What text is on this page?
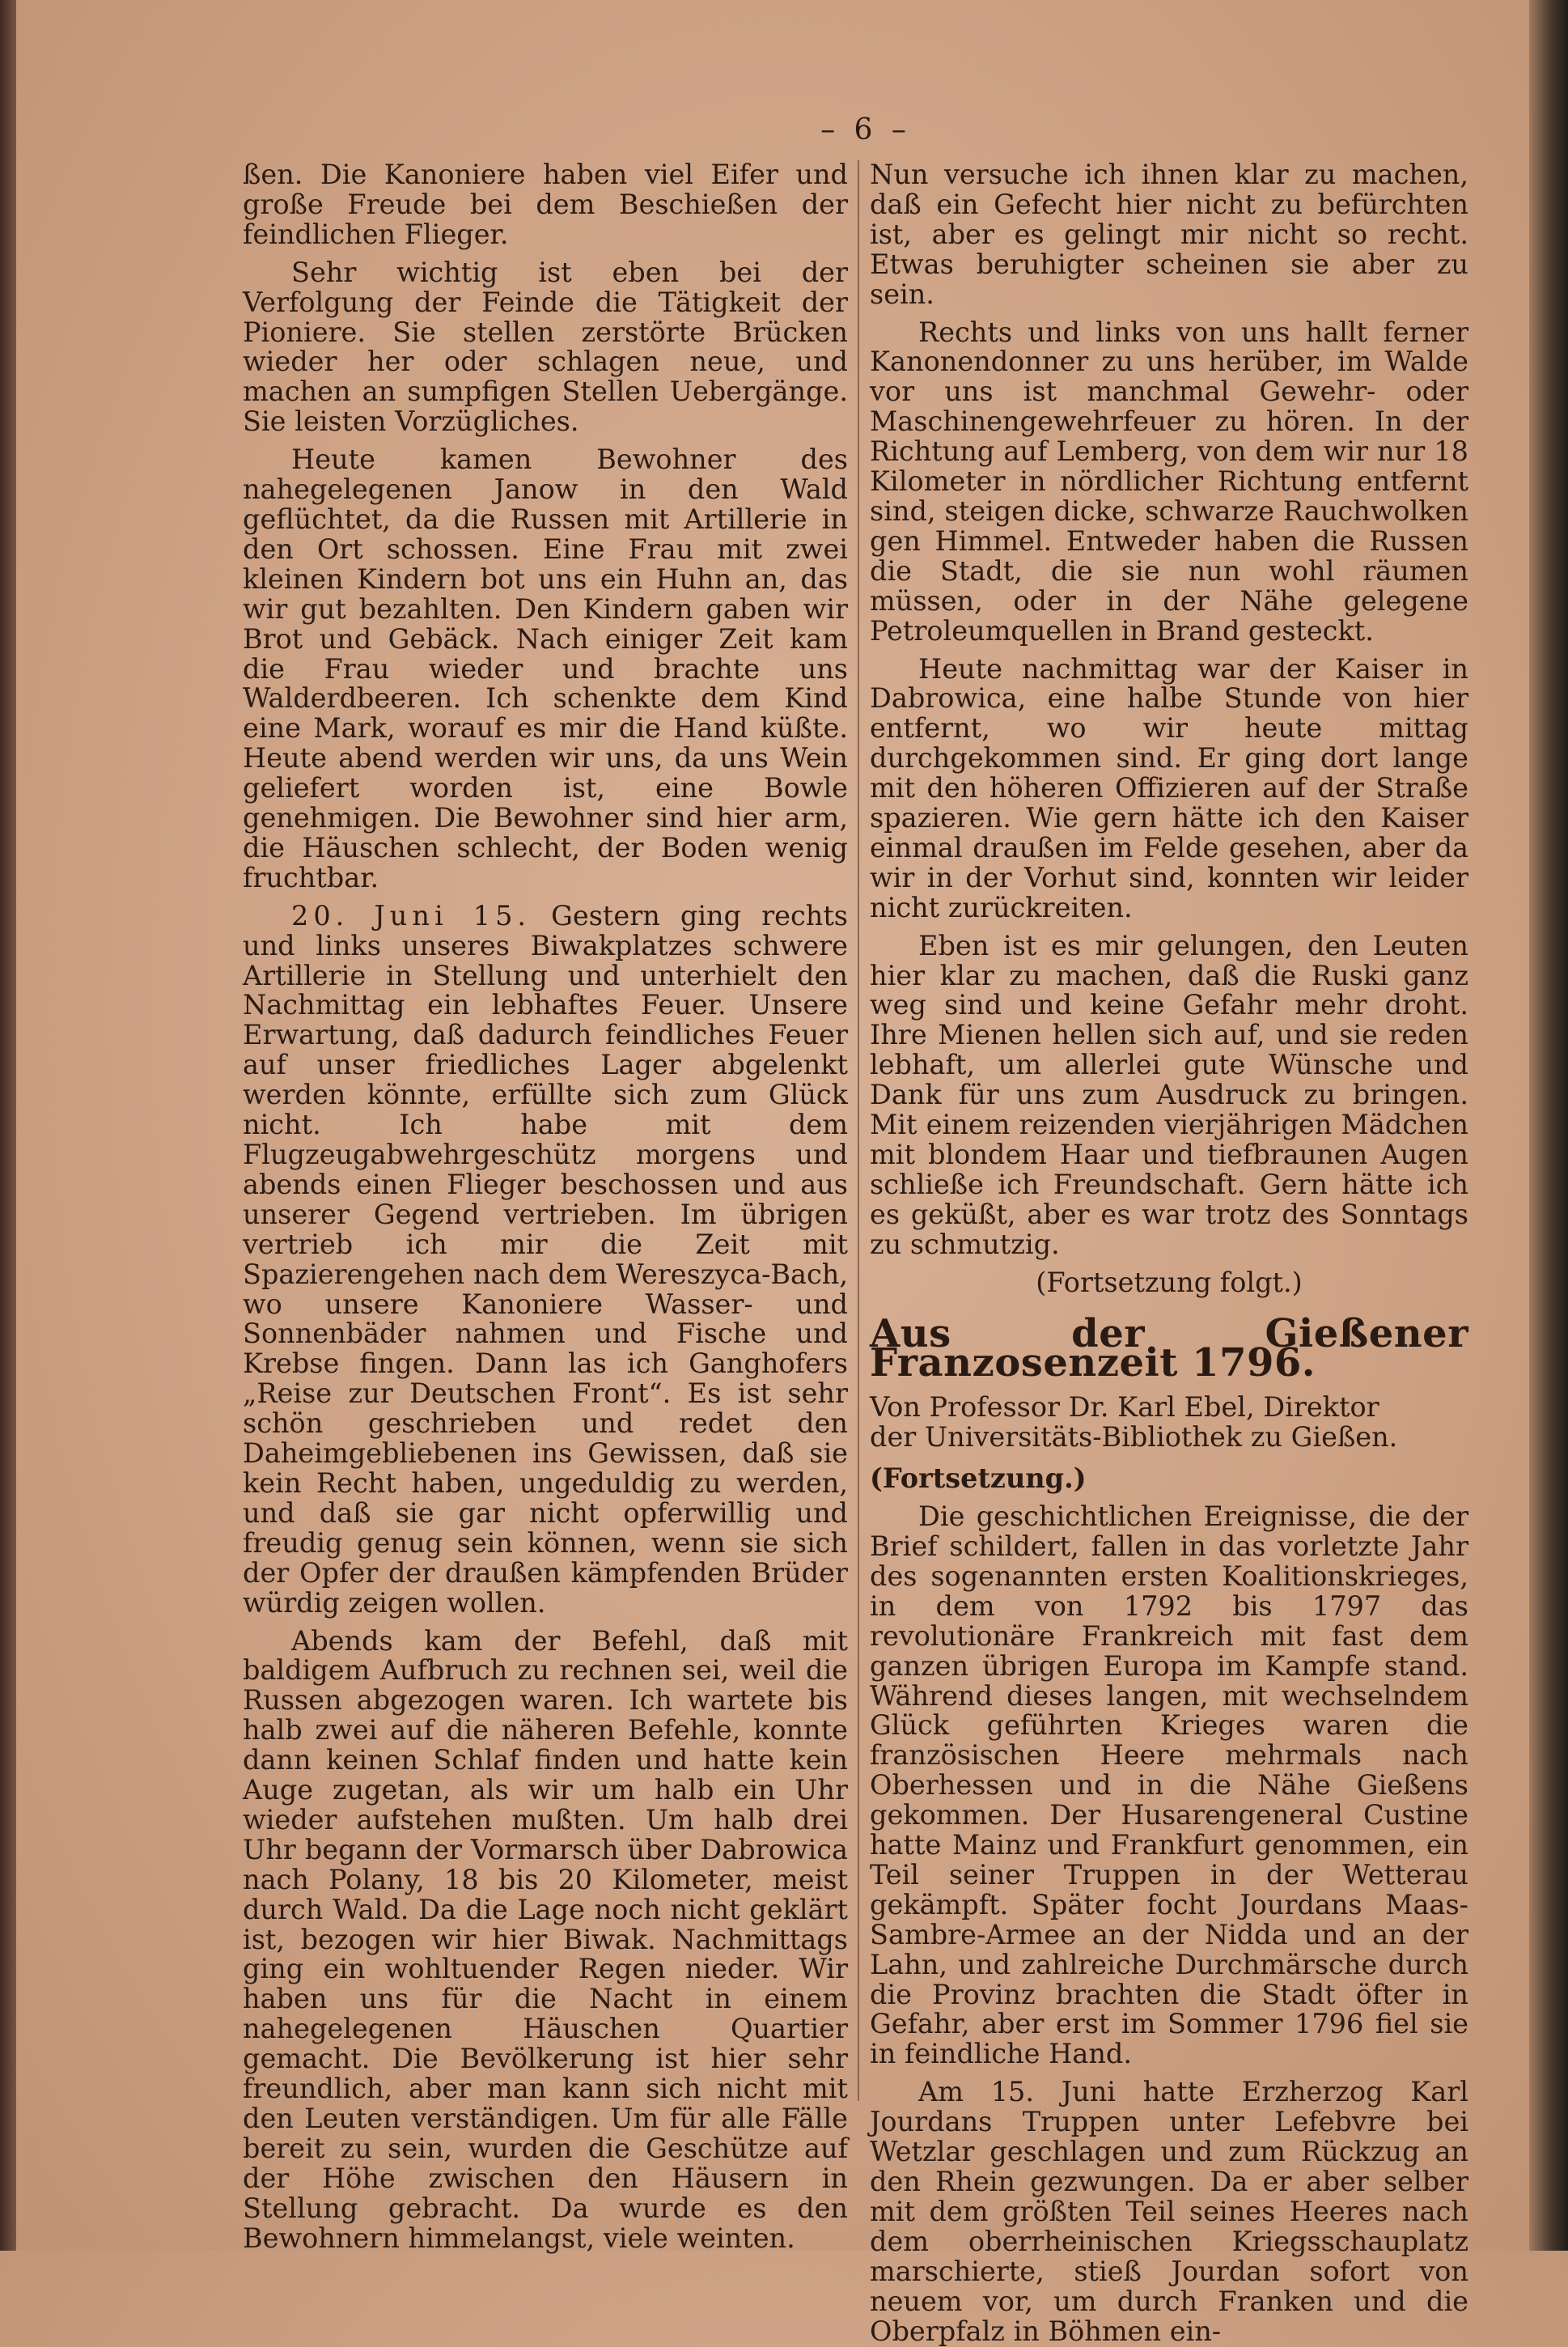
– 6 –

ßen. Die Kanoniere haben viel Eifer und große Freude bei dem Beschießen der feindlichen Flieger.

Sehr wichtig ist eben bei der Verfolgung der Feinde die Tätigkeit der Pioniere. Sie stellen zerstörte Brücken wieder her oder schlagen neue, und machen an sumpfigen Stellen Uebergänge. Sie leisten Vorzügliches.

Heute kamen Bewohner des nahegelegenen Janow in den Wald geflüchtet, da die Russen mit Artillerie in den Ort schossen. Eine Frau mit zwei kleinen Kindern bot uns ein Huhn an, das wir gut bezahlten. Den Kindern gaben wir Brot und Gebäck. Nach einiger Zeit kam die Frau wieder und brachte uns Walderdbeeren. Ich schenkte dem Kind eine Mark, worauf es mir die Hand küßte. Heute abend werden wir uns, da uns Wein geliefert worden ist, eine Bowle genehmigen. Die Bewohner sind hier arm, die Häuschen schlecht, der Boden wenig fruchtbar.

20. Juni 15. Gestern ging rechts und links unseres Biwakplatzes schwere Artillerie in Stellung und unterhielt den Nachmittag ein lebhaftes Feuer. Unsere Erwartung, daß dadurch feindliches Feuer auf unser friedliches Lager abgelenkt werden könnte, erfüllte sich zum Glück nicht. Ich habe mit dem Flugzeugabwehrgeschütz morgens und abends einen Flieger beschossen und aus unserer Gegend vertrieben. Im übrigen vertrieb ich mir die Zeit mit Spazierengehen nach dem Wereszyca-Bach, wo unsere Kanoniere Wasser- und Sonnenbäder nahmen und Fische und Krebse fingen. Dann las ich Ganghofers „Reise zur Deutschen Front“. Es ist sehr schön geschrieben und redet den Daheimgebliebenen ins Gewissen, daß sie kein Recht haben, ungeduldig zu werden, und daß sie gar nicht opferwillig und freudig genug sein können, wenn sie sich der Opfer der draußen kämpfenden Brüder würdig zeigen wollen.

Abends kam der Befehl, daß mit baldigem Aufbruch zu rechnen sei, weil die Russen abgezogen waren. Ich wartete bis halb zwei auf die näheren Befehle, konnte dann keinen Schlaf finden und hatte kein Auge zugetan, als wir um halb ein Uhr wieder aufstehen mußten. Um halb drei Uhr begann der Vormarsch über Dabrowica nach Polany, 18 bis 20 Kilometer, meist durch Wald. Da die Lage noch nicht geklärt ist, bezogen wir hier Biwak. Nachmittags ging ein wohltuender Regen nieder. Wir haben uns für die Nacht in einem nahegelegenen Häuschen Quartier gemacht. Die Bevölkerung ist hier sehr freundlich, aber man kann sich nicht mit den Leuten verständigen. Um für alle Fälle bereit zu sein, wurden die Geschütze auf der Höhe zwischen den Häusern in Stellung gebracht. Da wurde es den Bewohnern himmelangst, viele weinten.

Nun versuche ich ihnen klar zu machen, daß ein Gefecht hier nicht zu befürchten ist, aber es gelingt mir nicht so recht. Etwas beruhigter scheinen sie aber zu sein.

Rechts und links von uns hallt ferner Kanonendonner zu uns herüber, im Walde vor uns ist manchmal Gewehr- oder Maschinengewehrfeuer zu hören. In der Richtung auf Lemberg, von dem wir nur 18 Kilometer in nördlicher Richtung entfernt sind, steigen dicke, schwarze Rauchwolken gen Himmel. Entweder haben die Russen die Stadt, die sie nun wohl räumen müssen, oder in der Nähe gelegene Petroleumquellen in Brand gesteckt.

Heute nachmittag war der Kaiser in Dabrowica, eine halbe Stunde von hier entfernt, wo wir heute mittag durchgekommen sind. Er ging dort lange mit den höheren Offizieren auf der Straße spazieren. Wie gern hätte ich den Kaiser einmal draußen im Felde gesehen, aber da wir in der Vorhut sind, konnten wir leider nicht zurückreiten.

Eben ist es mir gelungen, den Leuten hier klar zu machen, daß die Ruski ganz weg sind und keine Gefahr mehr droht. Ihre Mienen hellen sich auf, und sie reden lebhaft, um allerlei gute Wünsche und Dank für uns zum Ausdruck zu bringen. Mit einem reizenden vierjährigen Mädchen mit blondem Haar und tiefbraunen Augen schließe ich Freundschaft. Gern hätte ich es geküßt, aber es war trotz des Sonntags zu schmutzig.

(Fortsetzung folgt.)

Aus der Gießener Franzosenzeit 1796.

Von Professor Dr. Karl Ebel, Direktor

der Universitäts-Bibliothek zu Gießen.

(Fortsetzung.)

Die geschichtlichen Ereignisse, die der Brief schildert, fallen in das vorletzte Jahr des sogenannten ersten Koalitionskrieges, in dem von 1792 bis 1797 das revolutionäre Frankreich mit fast dem ganzen übrigen Europa im Kampfe stand. Während dieses langen, mit wechselndem Glück geführten Krieges waren die französischen Heere mehrmals nach Oberhessen und in die Nähe Gießens gekommen. Der Husarengeneral Custine hatte Mainz und Frankfurt genommen, ein Teil seiner Truppen in der Wetterau gekämpft. Später focht Jourdans Maas-Sambre-Armee an der Nidda und an der Lahn, und zahlreiche Durchmärsche durch die Provinz brachten die Stadt öfter in Gefahr, aber erst im Sommer 1796 fiel sie in feindliche Hand.

Am 15. Juni hatte Erzherzog Karl Jourdans Truppen unter Lefebvre bei Wetzlar geschlagen und zum Rückzug an den Rhein gezwungen. Da er aber selber mit dem größten Teil seines Heeres nach dem oberrheinischen Kriegsschauplatz marschierte, stieß Jourdan sofort von neuem vor, um durch Franken und die Oberpfalz in Böhmen ein-
